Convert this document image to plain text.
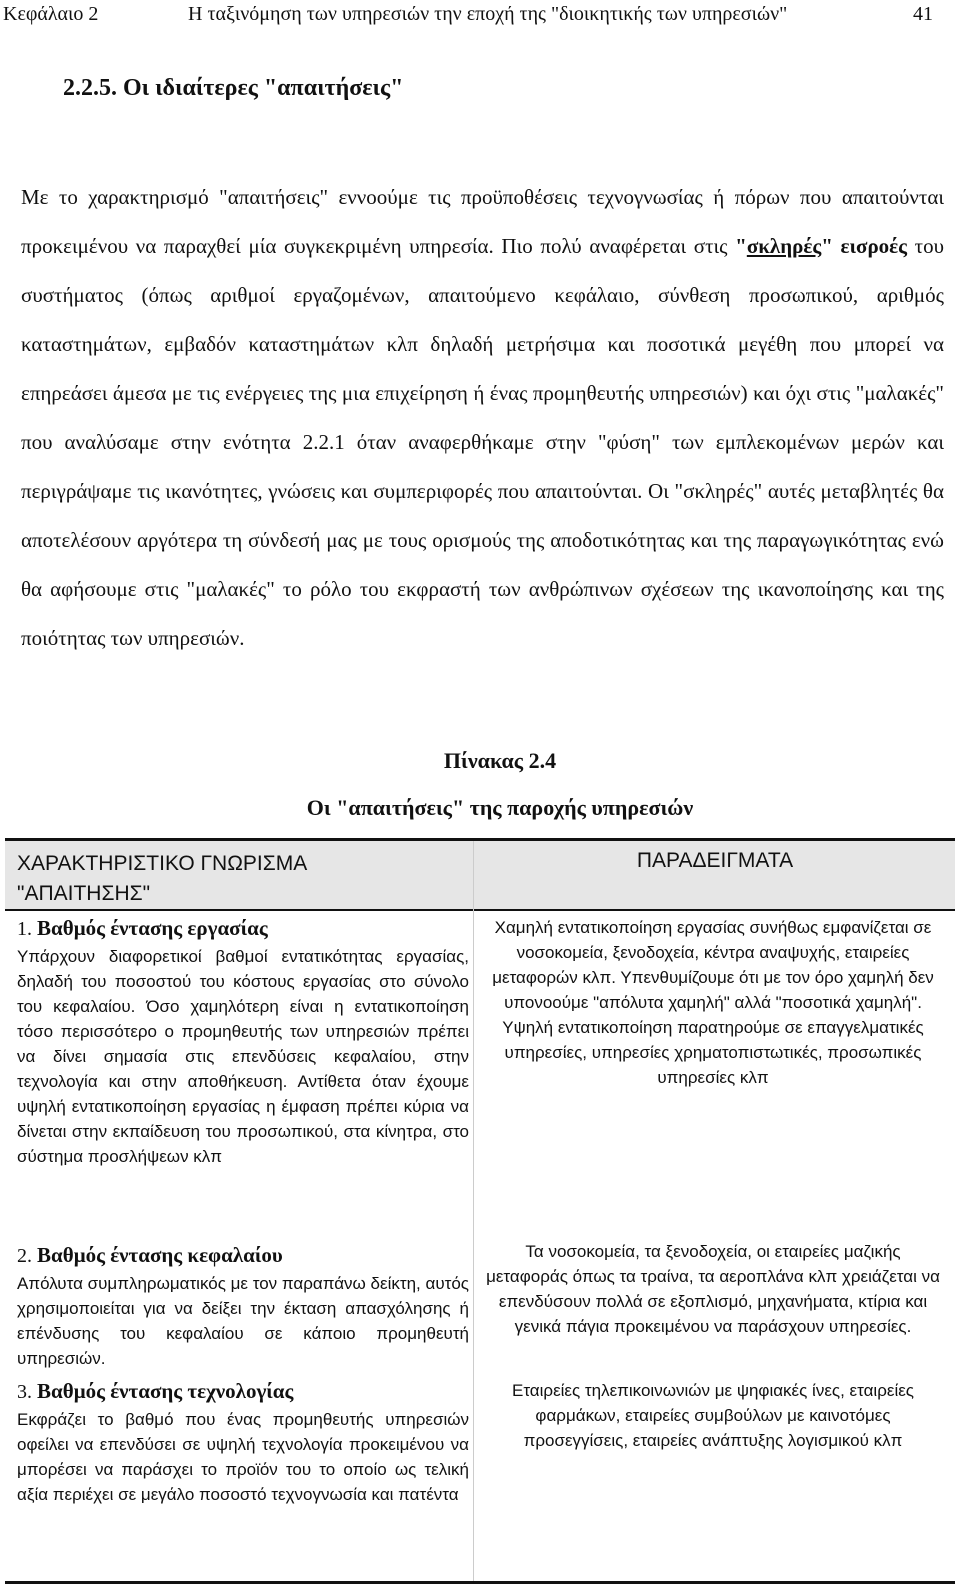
Κεφάλαιο 2	Η ταξινόμηση των υπηρεσιών την εποχή της "διοικητικής των υπηρεσιών"	41
2.2.5. Οι ιδιαίτερες "απαιτήσεις"

Με το χαρακτηρισμό "απαιτήσεις" εννοούμε τις προϋποθέσεις τεχνογνωσίας ή πόρων που απαιτούνται προκειμένου να παραχθεί μία συγκεκριμένη υπηρεσία. Πιο πολύ αναφέρεται στις "σκληρές" εισροές του συστήματος (όπως αριθμοί εργαζομένων, απαιτούμενο κεφάλαιο, σύνθεση προσωπικού, αριθμός καταστημάτων, εμβαδόν καταστημάτων κλπ δηλαδή μετρήσιμα και ποσοτικά μεγέθη που μπορεί να επηρεάσει άμεσα με τις ενέργειες της μια επιχείρηση ή ένας προμηθευτής υπηρεσιών) και όχι στις "μαλακές" που αναλύσαμε στην ενότητα 2.2.1 όταν αναφερθήκαμε στην "φύση" των εμπλεκομένων μερών και περιγράψαμε τις ικανότητες, γνώσεις και συμπεριφορές που απαιτούνται. Οι "σκληρές" αυτές μεταβλητές θα αποτελέσουν αργότερα τη σύνδεσή μας με τους ορισμούς της αποδοτικότητας και της παραγωγικότητας ενώ θα αφήσουμε στις "μαλακές" το ρόλο του εκφραστή των ανθρώπινων σχέσεων της ικανοποίησης και της ποιότητας των υπηρεσιών.

Πίνακας 2.4
Οι "απαιτήσεις" της παροχής υπηρεσιών
ΧΑΡΑΚΤΗΡΙΣΤΙΚΟ ΓΝΩΡΙΣΜΑ
"ΑΠΑΙΤΗΣΗΣ"
ΠΑΡΑΔΕΙΓΜΑΤΑ
1. Βαθμός έντασης εργασίας

Υπάρχουν διαφορετικοί βαθμοί εντατικότητας εργασίας, δηλαδή του ποσοστού του κόστους εργασίας στο σύνολο του κεφαλαίου. Όσο χαμηλότερη είναι η εντατικοποίηση τόσο περισσότερο ο προμηθευτής των υπηρεσιών πρέπει να δίνει σημασία στις επενδύσεις κεφαλαίου, στην τεχνολογία και στην αποθήκευση. Αντίθετα όταν έχουμε υψηλή εντατικοποίηση εργασίας η έμφαση πρέπει κύρια να δίνεται στην εκπαίδευση του προσωπικού, στα κίνητρα, στο σύστημα προσλήψεων κλπ

2. Βαθμός έντασης κεφαλαίου

Απόλυτα συμπληρωματικός με τον παραπάνω δείκτη, αυτός χρησιμοποιείται για να δείξει την έκταση απασχόλησης ή επένδυσης του κεφαλαίου σε κάποιο προμηθευτή υπηρεσιών.

3. Βαθμός έντασης τεχνολογίας

Εκφράζει το βαθμό που ένας προμηθευτής υπηρεσιών οφείλει να επενδύσει σε υψηλή τεχνολογία προκειμένου να μπορέσει να παράσχει το προϊόν του το οποίο ως τελική αξία περιέχει σε μεγάλο ποσοστό τεχνογνωσία και πατέντα

Χαμηλή εντατικοποίηση εργασίας συνήθως εμφανίζεται σε νοσοκομεία, ξενοδοχεία, κέντρα αναψυχής, εταιρείες μεταφορών κλπ. Υπενθυμίζουμε ότι με τον όρο χαμηλή δεν υπονοούμε "απόλυτα χαμηλή" αλλά "ποσοτικά χαμηλή". Υψηλή εντατικοποίηση παρατηρούμε σε επαγγελματικές υπηρεσίες, υπηρεσίες χρηματοπιστωτικές, προσωπικές υπηρεσίες κλπ
Τα νοσοκομεία, τα ξενοδοχεία, οι εταιρείες μαζικής μεταφοράς όπως τα τραίνα, τα αεροπλάνα κλπ χρειάζεται να επενδύσουν πολλά σε εξοπλισμό, μηχανήματα, κτίρια και γενικά πάγια προκειμένου να παράσχουν υπηρεσίες.
Εταιρείες τηλεπικοινωνιών με ψηφιακές ίνες, εταιρείες φαρμάκων, εταιρείες συμβούλων με καινοτόμες προσεγγίσεις, εταιρείες ανάπτυξης λογισμικού κλπ
